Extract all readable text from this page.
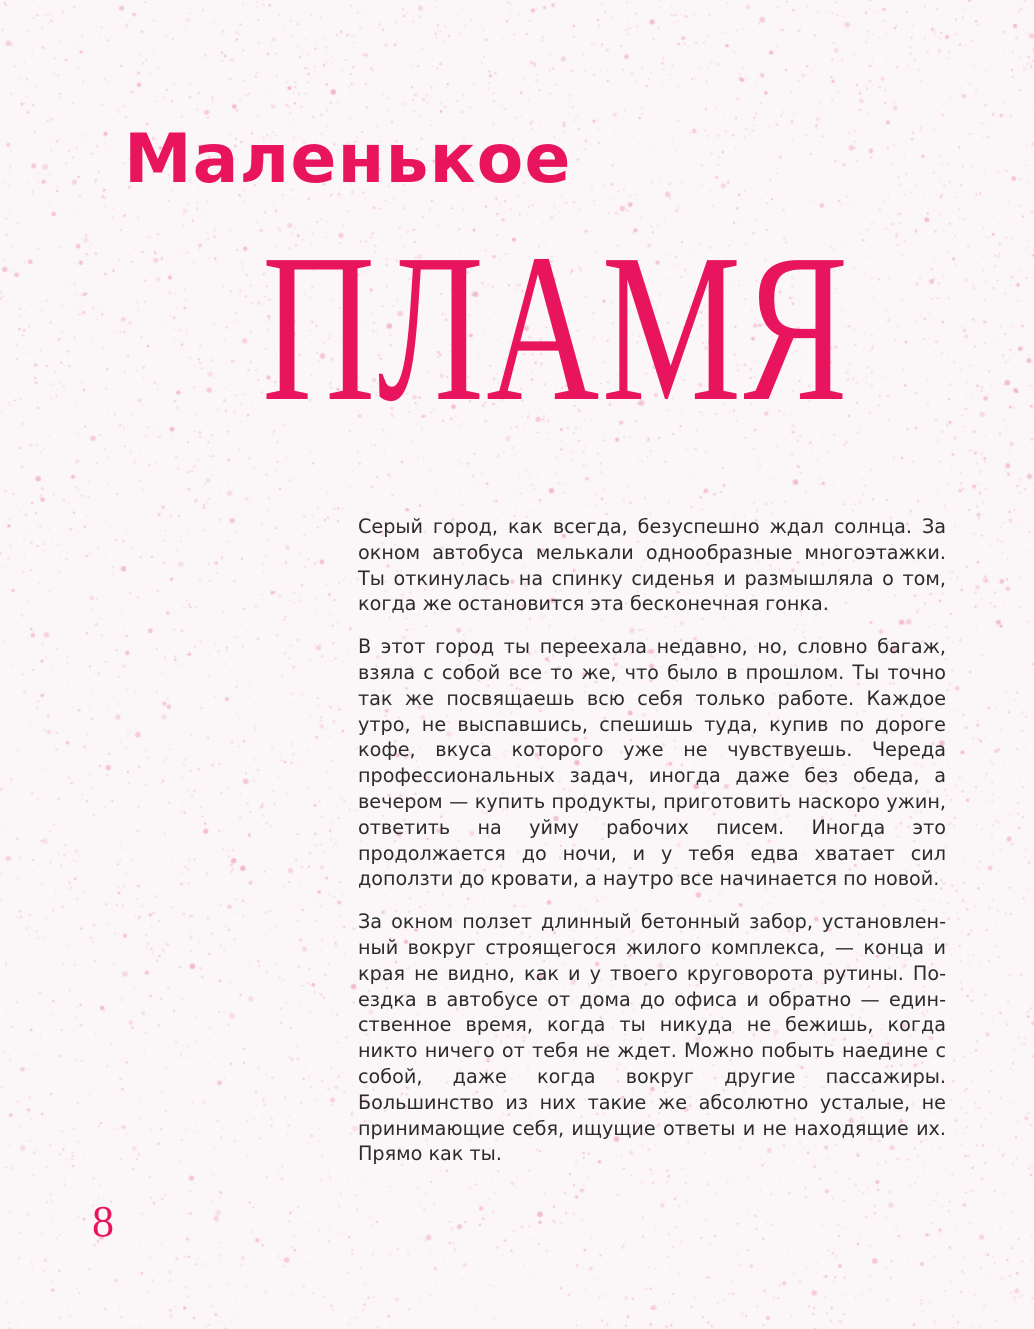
Маленькое
ПЛАМЯ

Серый город, как всегда, безуспешно ждал солнца. За окном автобуса мелькали однообразные многоэтажки. Ты откинулась на спинку сиденья и размышляла о том, когда же остановится эта бесконечная гонка.

В этот город ты переехала недавно, но, словно багаж, взяла с собой все то же, что было в прошлом. Ты точно так же посвящаешь всю себя только работе. Каждое утро, не выспавшись, спешишь туда, купив по дороге кофе, вкуса которого уже не чувствуешь. Череда профессиональных задач, иногда даже без обеда, а вечером — купить продукты, приготовить наскоро ужин, ответить на уйму рабочих писем. Иногда это продолжается до ночи, и у тебя едва хватает сил доползти до кровати, а наутро все начинается по новой.

За окном ползет длинный бетонный забор, установленный вокруг строящегося жилого комплекса, — конца и края не видно, как и у твоего круговорота рутины. Поездка в автобусе от дома до офиса и обратно — единственное время, когда ты никуда не бежишь, когда никто ничего от тебя не ждет. Можно побыть наедине с собой, даже когда вокруг другие пассажиры. Большинство из них такие же абсолютно усталые, не принимающие себя, ищущие ответы и не находящие их. Прямо как ты.

8
